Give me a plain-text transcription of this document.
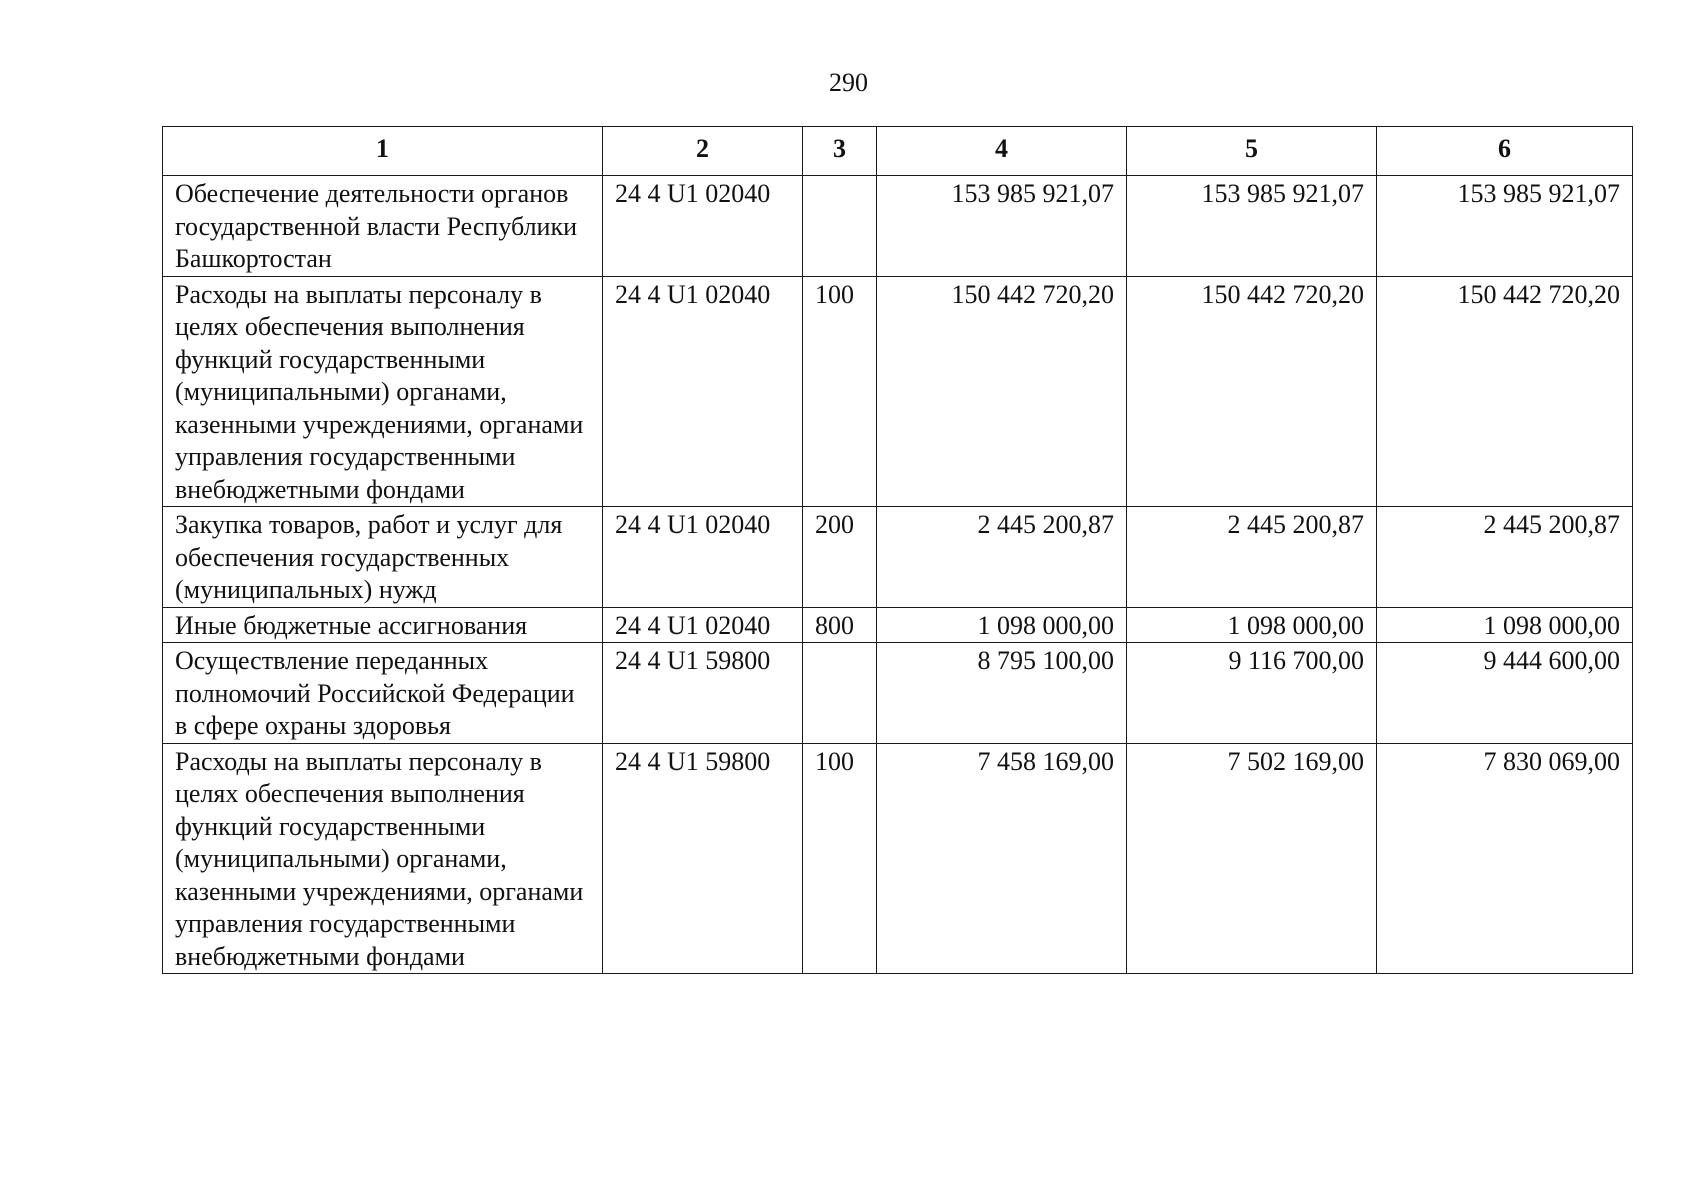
290
1	2	3	4	5	6
Обеспечение деятельности органов государственной власти Республики Башкортостан	24 4 U1 02040		153 985 921,07	153 985 921,07	153 985 921,07
Расходы на выплаты персоналу в целях обеспечения выполнения функций государственными (муниципальными) органами, казенными учреждениями, органами управления государственными внебюджетными фондами	24 4 U1 02040	100	150 442 720,20	150 442 720,20	150 442 720,20
Закупка товаров, работ и услуг для обеспечения государственных (муниципальных) нужд	24 4 U1 02040	200	2 445 200,87	2 445 200,87	2 445 200,87
Иные бюджетные ассигнования	24 4 U1 02040	800	1 098 000,00	1 098 000,00	1 098 000,00
Осуществление переданных полномочий Российской Федерации в сфере охраны здоровья	24 4 U1 59800		8 795 100,00	9 116 700,00	9 444 600,00
Расходы на выплаты персоналу в целях обеспечения выполнения функций государственными (муниципальными) органами, казенными учреждениями, органами управления государственными внебюджетными фондами	24 4 U1 59800	100	7 458 169,00	7 502 169,00	7 830 069,00
